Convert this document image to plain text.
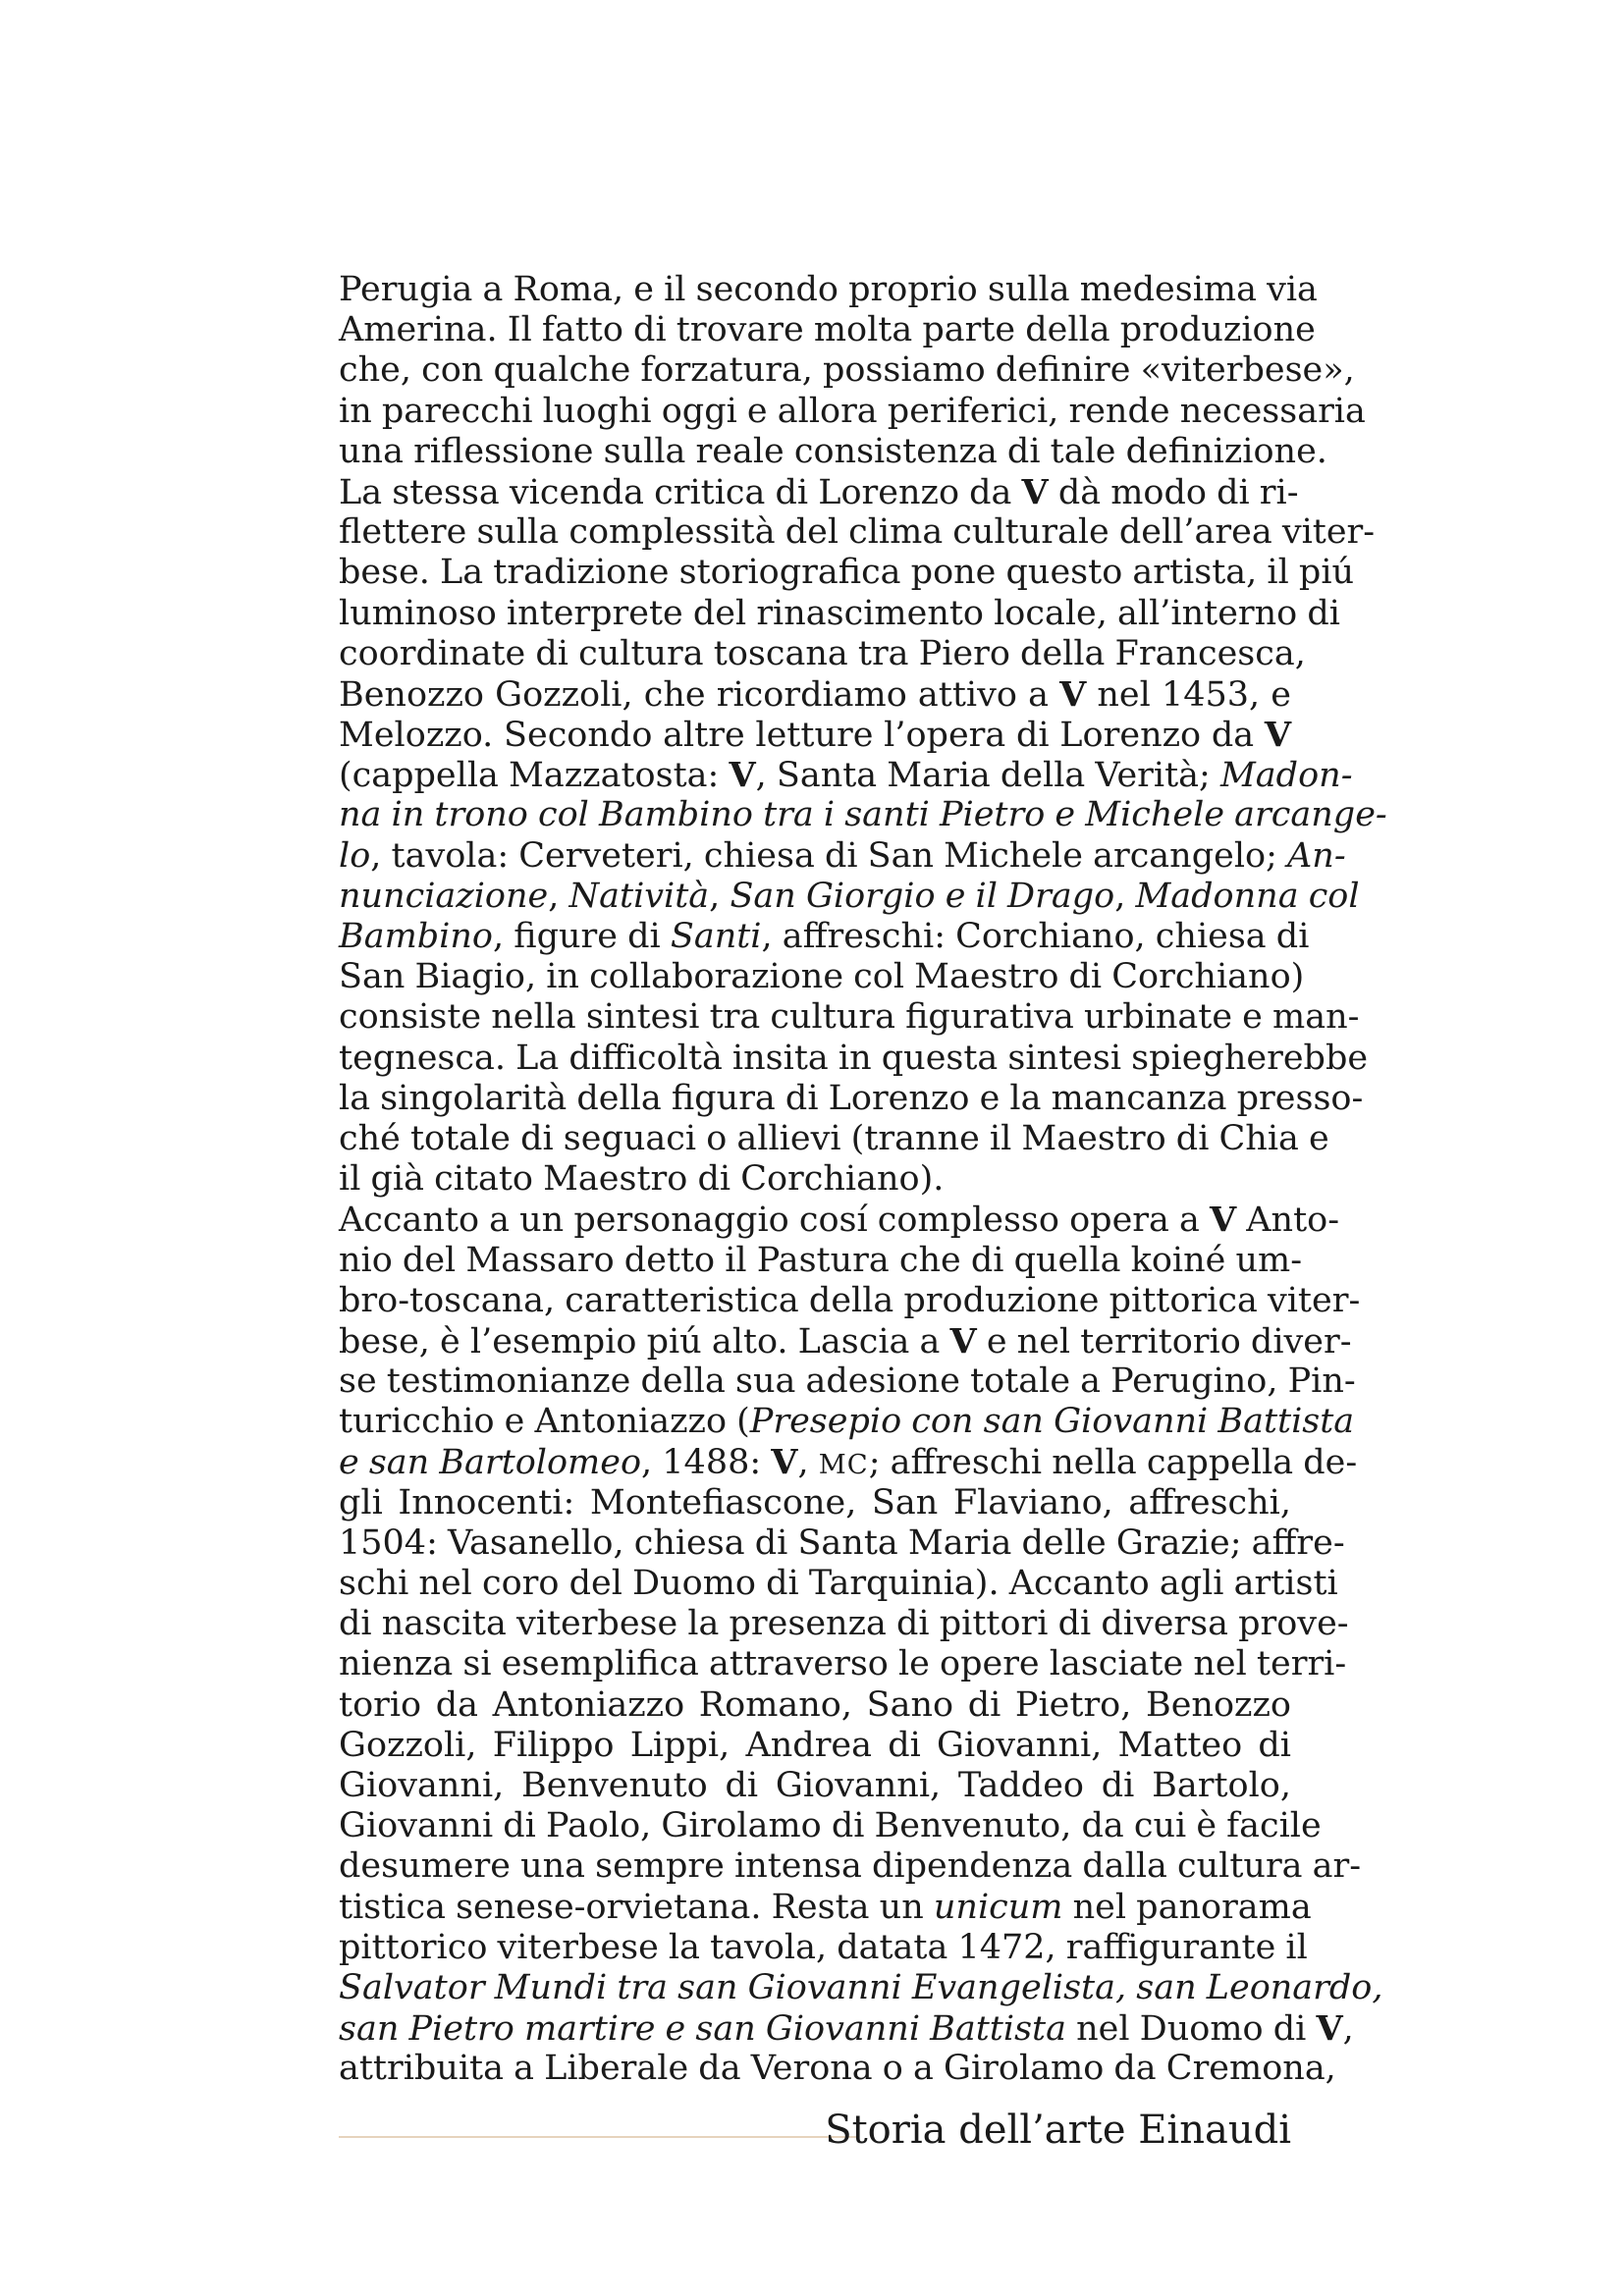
Perugia a Roma, e il secondo proprio sulla medesima via
Amerina. Il fatto di trovare molta parte della produzione
che, con qualche forzatura, possiamo definire «viterbese»,
in parecchi luoghi oggi e allora periferici, rende necessaria
una riflessione sulla reale consistenza di tale definizione.
La stessa vicenda critica di Lorenzo da V dà modo di ri-
flettere sulla complessità del clima culturale dell’area viter-
bese. La tradizione storiografica pone questo artista, il piú
luminoso interprete del rinascimento locale, all’interno di
coordinate di cultura toscana tra Piero della Francesca,
Benozzo Gozzoli, che ricordiamo attivo a V nel 1453, e
Melozzo. Secondo altre letture l’opera di Lorenzo da V
(cappella Mazzatosta: V, Santa Maria della Verità; Madon-
na in trono col Bambino tra i santi Pietro e Michele arcange-
lo, tavola: Cerveteri, chiesa di San Michele arcangelo; An-
nunciazione, Natività, San Giorgio e il Drago, Madonna col
Bambino, figure di Santi, affreschi: Corchiano, chiesa di
San Biagio, in collaborazione col Maestro di Corchiano)
consiste nella sintesi tra cultura figurativa urbinate e man-
tegnesca. La difficoltà insita in questa sintesi spiegherebbe
la singolarità della figura di Lorenzo e la mancanza presso-
ché totale di seguaci o allievi (tranne il Maestro di Chia e
il già citato Maestro di Corchiano).
Accanto a un personaggio cosí complesso opera a V Anto-
nio del Massaro detto il Pastura che di quella koiné um-
bro-toscana, caratteristica della produzione pittorica viter-
bese, è l’esempio piú alto. Lascia a V e nel territorio diver-
se testimonianze della sua adesione totale a Perugino, Pin-
turicchio e Antoniazzo (Presepio con san Giovanni Battista
e san Bartolomeo, 1488: V, MC; affreschi nella cappella de-
gli Innocenti: Montefiascone, San Flaviano, affreschi,
1504: Vasanello, chiesa di Santa Maria delle Grazie; affre-
schi nel coro del Duomo di Tarquinia). Accanto agli artisti
di nascita viterbese la presenza di pittori di diversa prove-
nienza si esemplifica attraverso le opere lasciate nel terri-
torio da Antoniazzo Romano, Sano di Pietro, Benozzo
Gozzoli, Filippo Lippi, Andrea di Giovanni, Matteo di
Giovanni, Benvenuto di Giovanni, Taddeo di Bartolo,
Giovanni di Paolo, Girolamo di Benvenuto, da cui è facile
desumere una sempre intensa dipendenza dalla cultura ar-
tistica senese-orvietana. Resta un unicum nel panorama
pittorico viterbese la tavola, datata 1472, raffigurante il
Salvator Mundi tra san Giovanni Evangelista, san Leonardo,
san Pietro martire e san Giovanni Battista nel Duomo di V,
attribuita a Liberale da Verona o a Girolamo da Cremona,
Storia dell’arte Einaudi
